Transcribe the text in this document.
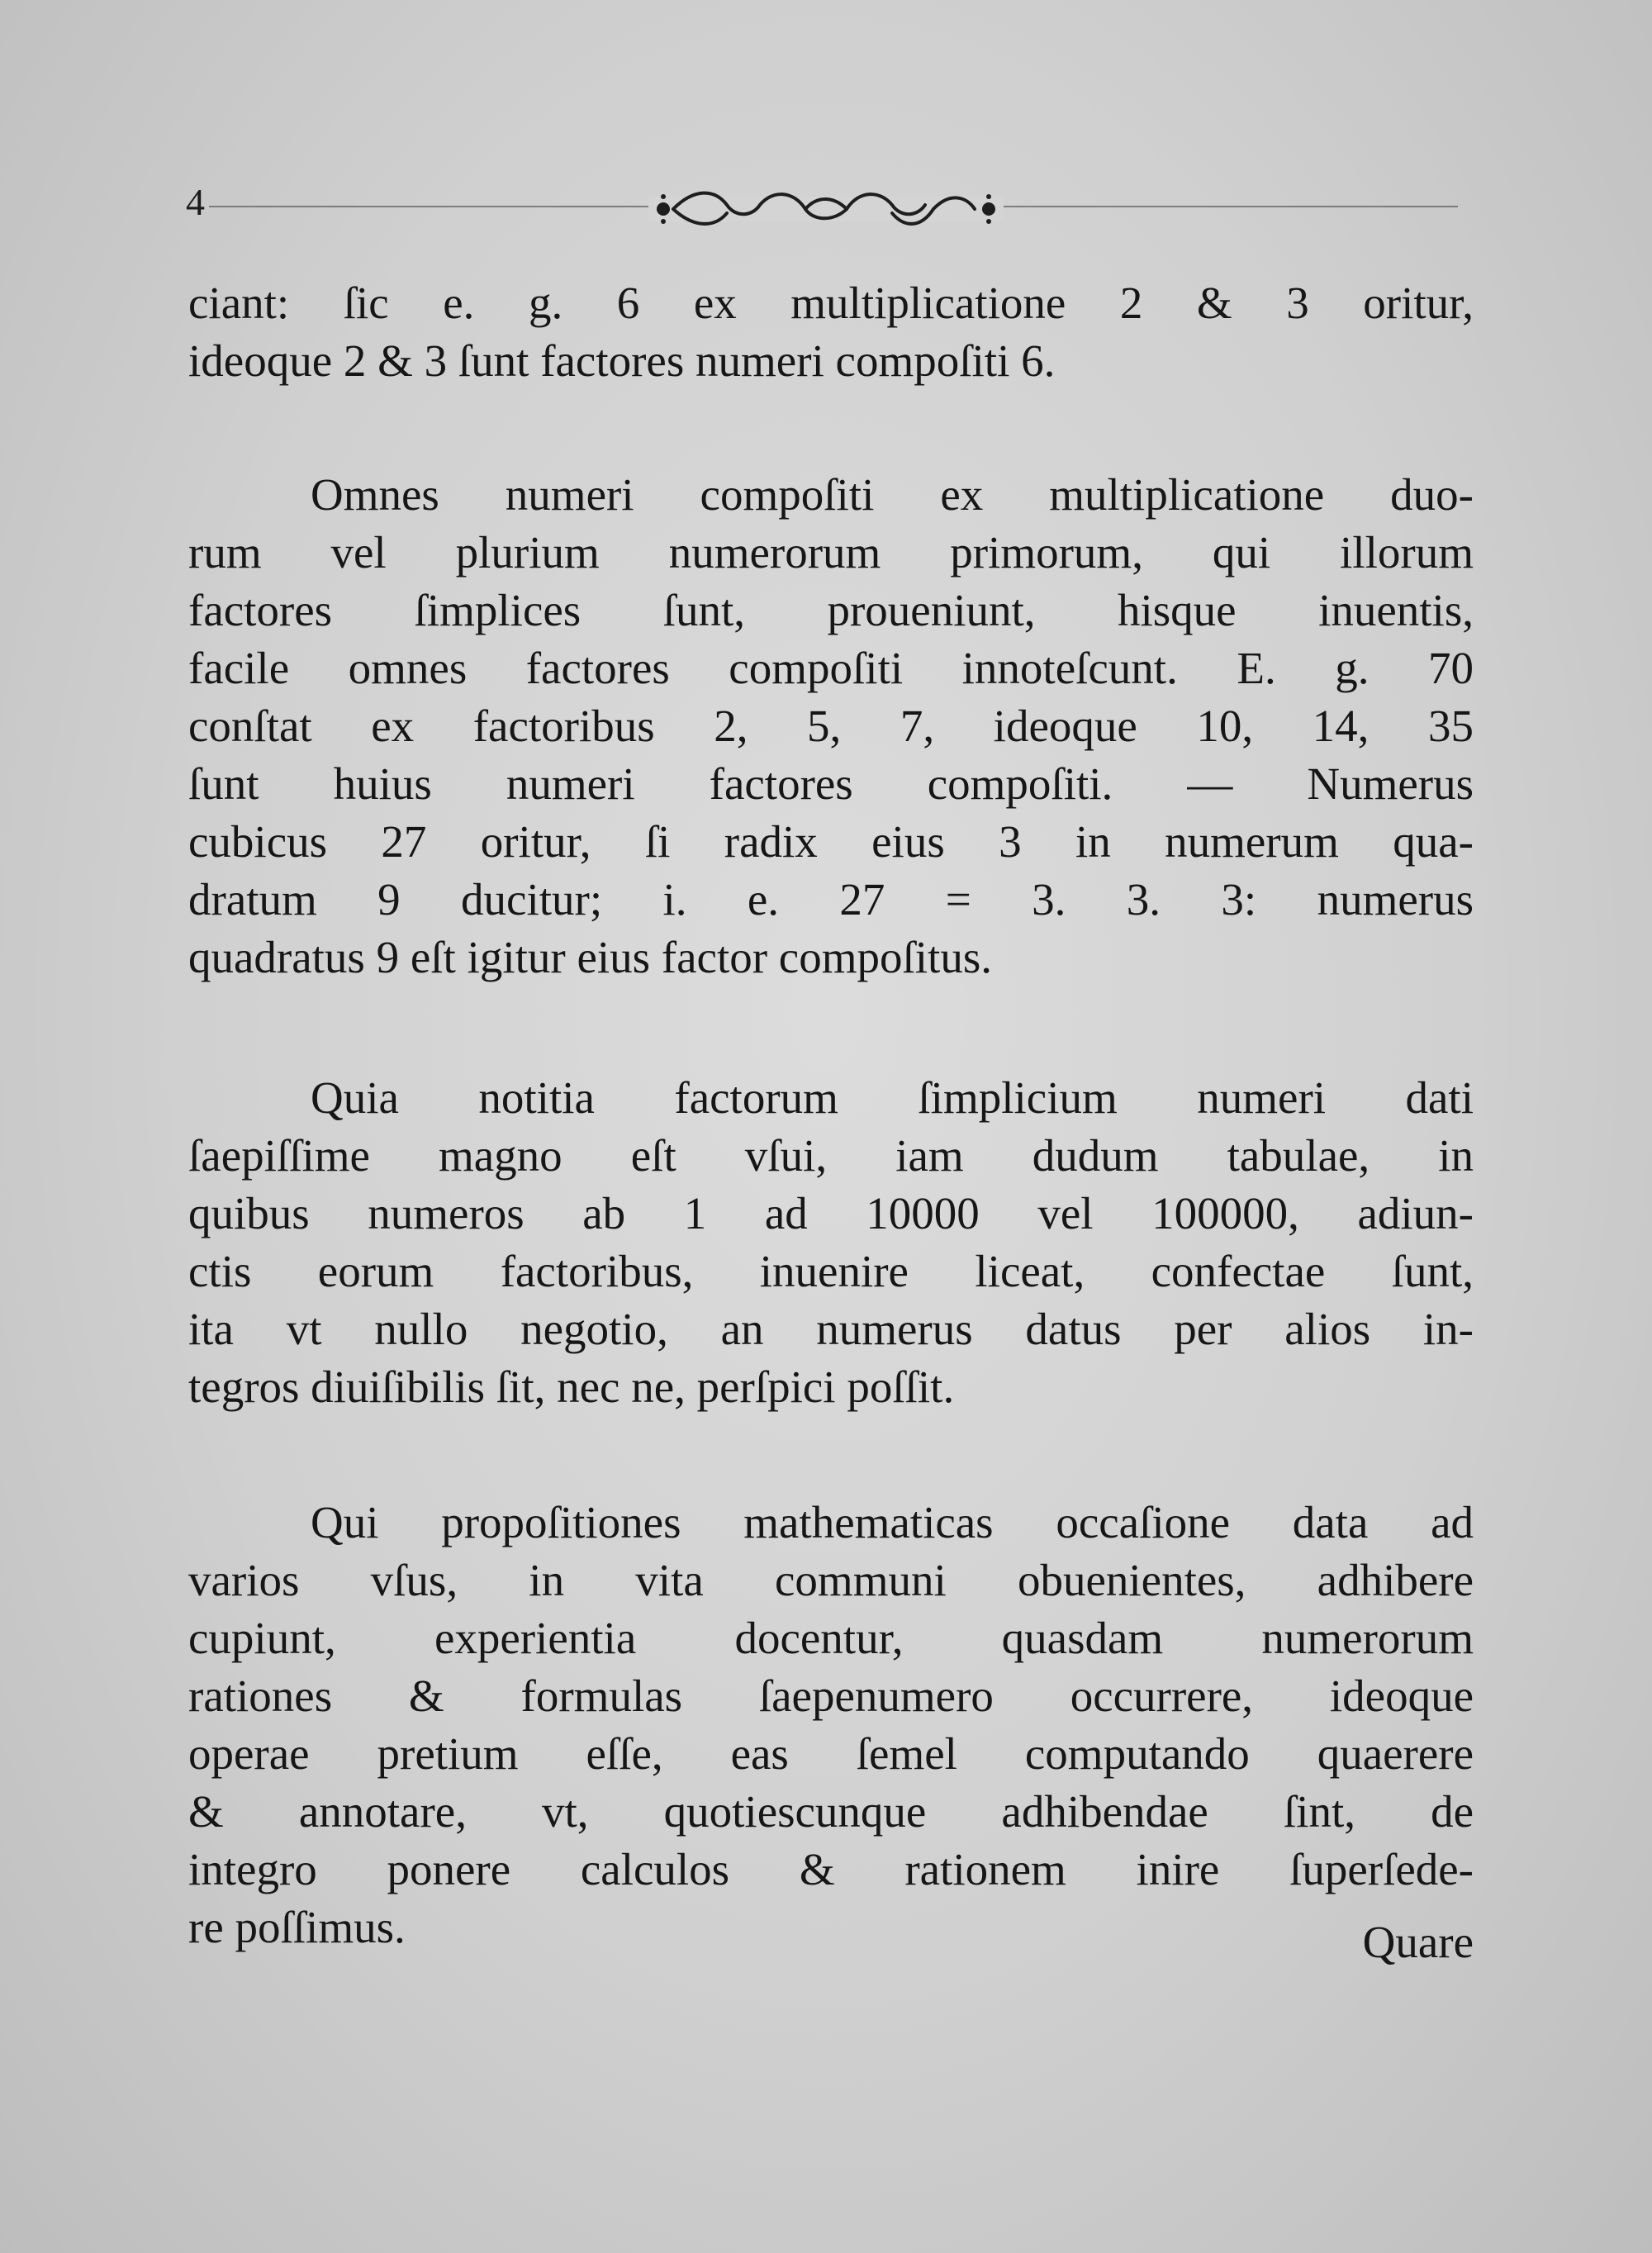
4
ciant: ſic e. g. 6 ex multiplicatione 2 & 3 oritur,
ideoque 2 & 3 ſunt factores numeri compoſiti 6.
Omnes numeri compoſiti ex multiplicatione duo-
rum vel plurium numerorum primorum, qui illorum
factores ſimplices ſunt, proueniunt, hisque inuentis,
facile omnes factores compoſiti innoteſcunt. E. g. 70
conſtat ex factoribus 2, 5, 7, ideoque 10, 14, 35
ſunt huius numeri factores compoſiti. — Numerus
cubicus 27 oritur, ſi radix eius 3 in numerum qua-
dratum 9 ducitur; i. e. 27 = 3. 3. 3: numerus
quadratus 9 eſt igitur eius factor compoſitus.
Quia notitia factorum ſimplicium numeri dati
ſaepiſſime magno eſt vſui, iam dudum tabulae, in
quibus numeros ab 1 ad 10000 vel 100000, adiun-
ctis eorum factoribus, inuenire liceat, confectae ſunt,
ita vt nullo negotio, an numerus datus per alios in-
tegros diuiſibilis ſit, nec ne, perſpici poſſit.
Qui propoſitiones mathematicas occaſione data ad
varios vſus, in vita communi obuenientes, adhibere
cupiunt, experientia docentur, quasdam numerorum
rationes & formulas ſaepenumero occurrere, ideoque
operae pretium eſſe, eas ſemel computando quaerere
& annotare, vt, quotiescunque adhibendae ſint, de
integro ponere calculos & rationem inire ſuperſede-
re poſſimus.	Quare
